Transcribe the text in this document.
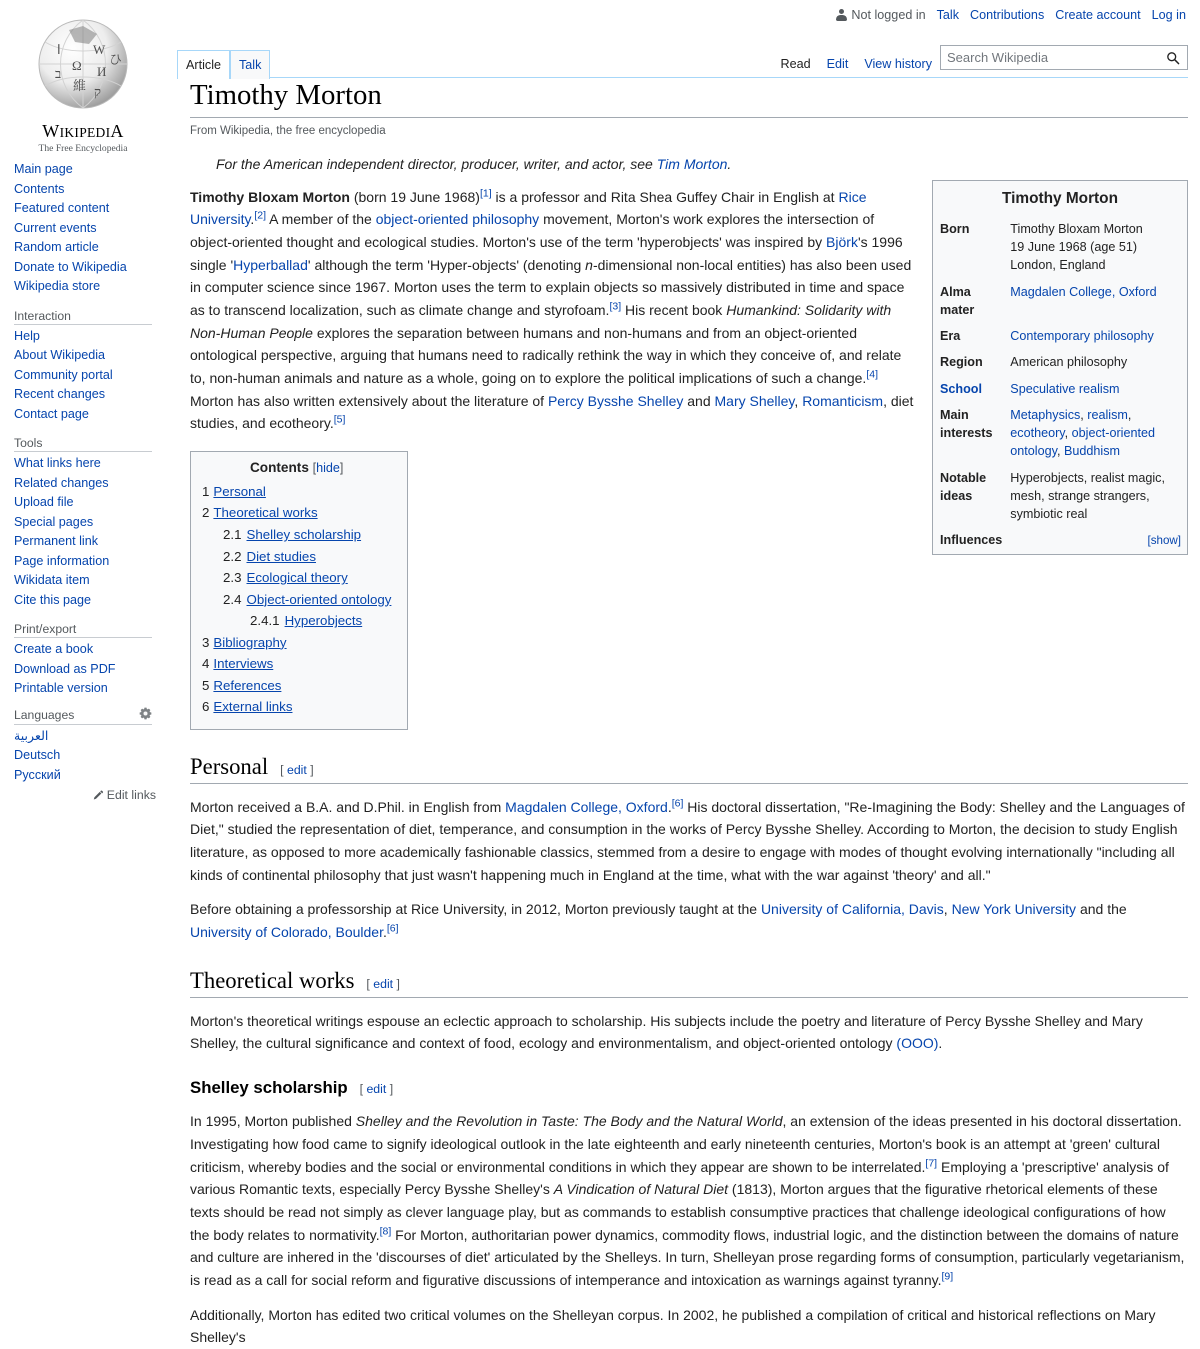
Not logged in Talk Contributions Create account Log in
Ω
W
И
維
ا
ひ
ק
ב
WIKIPEDIA
The Free Encyclopedia
Main page
Contents
Featured content
Current events
Random article
Donate to Wikipedia
Wikipedia store
Interaction
Help
About Wikipedia
Community portal
Recent changes
Contact page
Tools
What links here
Related changes
Upload file
Special pages
Permanent link
Page information
Wikidata item
Cite this page
Print/export
Create a book
Download as PDF
Printable version
Languages
العربية
Deutsch
Русский
Edit links
Article	Talk	Read	Edit	View history
Search Wikipedia
Timothy Morton
From Wikipedia, the free encyclopedia
For the American independent director, producer, writer, and actor, see Tim Morton.
Timothy Morton
Born	Timothy Bloxam Morton
19 June 1968 (age 51)
London, England

Alma mater	Magdalen College, Oxford
Era	Contemporary philosophy
Region	American philosophy
School	Speculative realism
Main interests	Metaphysics, realism, ecotheory, object-oriented ontology, Buddhism
Notable ideas	Hyperobjects, realist magic, mesh, strange strangers, symbiotic real
Influences	[show]

Timothy Bloxam Morton (born 19 June 1968)[1] is a professor and Rita Shea Guffey Chair in English at Rice University.[2] A member of the object-oriented philosophy movement, Morton's work explores the intersection of object-oriented thought and ecological studies. Morton's use of the term 'hyperobjects' was inspired by Björk's 1996 single 'Hyperballad' although the term 'Hyper-objects' (denoting n-dimensional non-local entities) has also been used in computer science since 1967. Morton uses the term to explain objects so massively distributed in time and space as to transcend localization, such as climate change and styrofoam.[3] His recent book Humankind: Solidarity with Non-Human People explores the separation between humans and non-humans and from an object-oriented ontological perspective, arguing that humans need to radically rethink the way in which they conceive of, and relate to, non-human animals and nature as a whole, going on to explore the political implications of such a change.[4] Morton has also written extensively about the literature of Percy Bysshe Shelley and Mary Shelley, Romanticism, diet studies, and ecotheory.[5]

Contents [hide]
1 Personal
2 Theoretical works
2.1 Shelley scholarship
2.2 Diet studies
2.3 Ecological theory
2.4 Object-oriented ontology
2.4.1 Hyperobjects
3 Bibliography
4 Interviews
5 References
6 External links
Personal [ edit ]

Morton received a B.A. and D.Phil. in English from Magdalen College, Oxford.[6] His doctoral dissertation, "Re-Imagining the Body: Shelley and the Languages of Diet," studied the representation of diet, temperance, and consumption in the works of Percy Bysshe Shelley. According to Morton, the decision to study English literature, as opposed to more academically fashionable classics, stemmed from a desire to engage with modes of thought evolving internationally "including all kinds of continental philosophy that just wasn't happening much in England at the time, what with the war against 'theory' and all."

Before obtaining a professorship at Rice University, in 2012, Morton previously taught at the University of California, Davis, New York University and the University of Colorado, Boulder.[6]

Theoretical works [ edit ]

Morton's theoretical writings espouse an eclectic approach to scholarship. His subjects include the poetry and literature of Percy Bysshe Shelley and Mary Shelley, the cultural significance and context of food, ecology and environmentalism, and object-oriented ontology (OOO).

Shelley scholarship [ edit ]

In 1995, Morton published Shelley and the Revolution in Taste: The Body and the Natural World, an extension of the ideas presented in his doctoral dissertation. Investigating how food came to signify ideological outlook in the late eighteenth and early nineteenth centuries, Morton's book is an attempt at 'green' cultural criticism, whereby bodies and the social or environmental conditions in which they appear are shown to be interrelated.[7] Employing a 'prescriptive' analysis of various Romantic texts, especially Percy Bysshe Shelley's A Vindication of Natural Diet (1813), Morton argues that the figurative rhetorical elements of these texts should be read not simply as clever language play, but as commands to establish consumptive practices that challenge ideological configurations of how the body relates to normativity.[8] For Morton, authoritarian power dynamics, commodity flows, industrial logic, and the distinction between the domains of nature and culture are inhered in the 'discourses of diet' articulated by the Shelleys. In turn, Shelleyan prose regarding forms of consumption, particularly vegetarianism, is read as a call for social reform and figurative discussions of intemperance and intoxication as warnings against tyranny.[9]

Additionally, Morton has edited two critical volumes on the Shelleyan corpus. In 2002, he published a compilation of critical and historical reflections on Mary Shelley's
